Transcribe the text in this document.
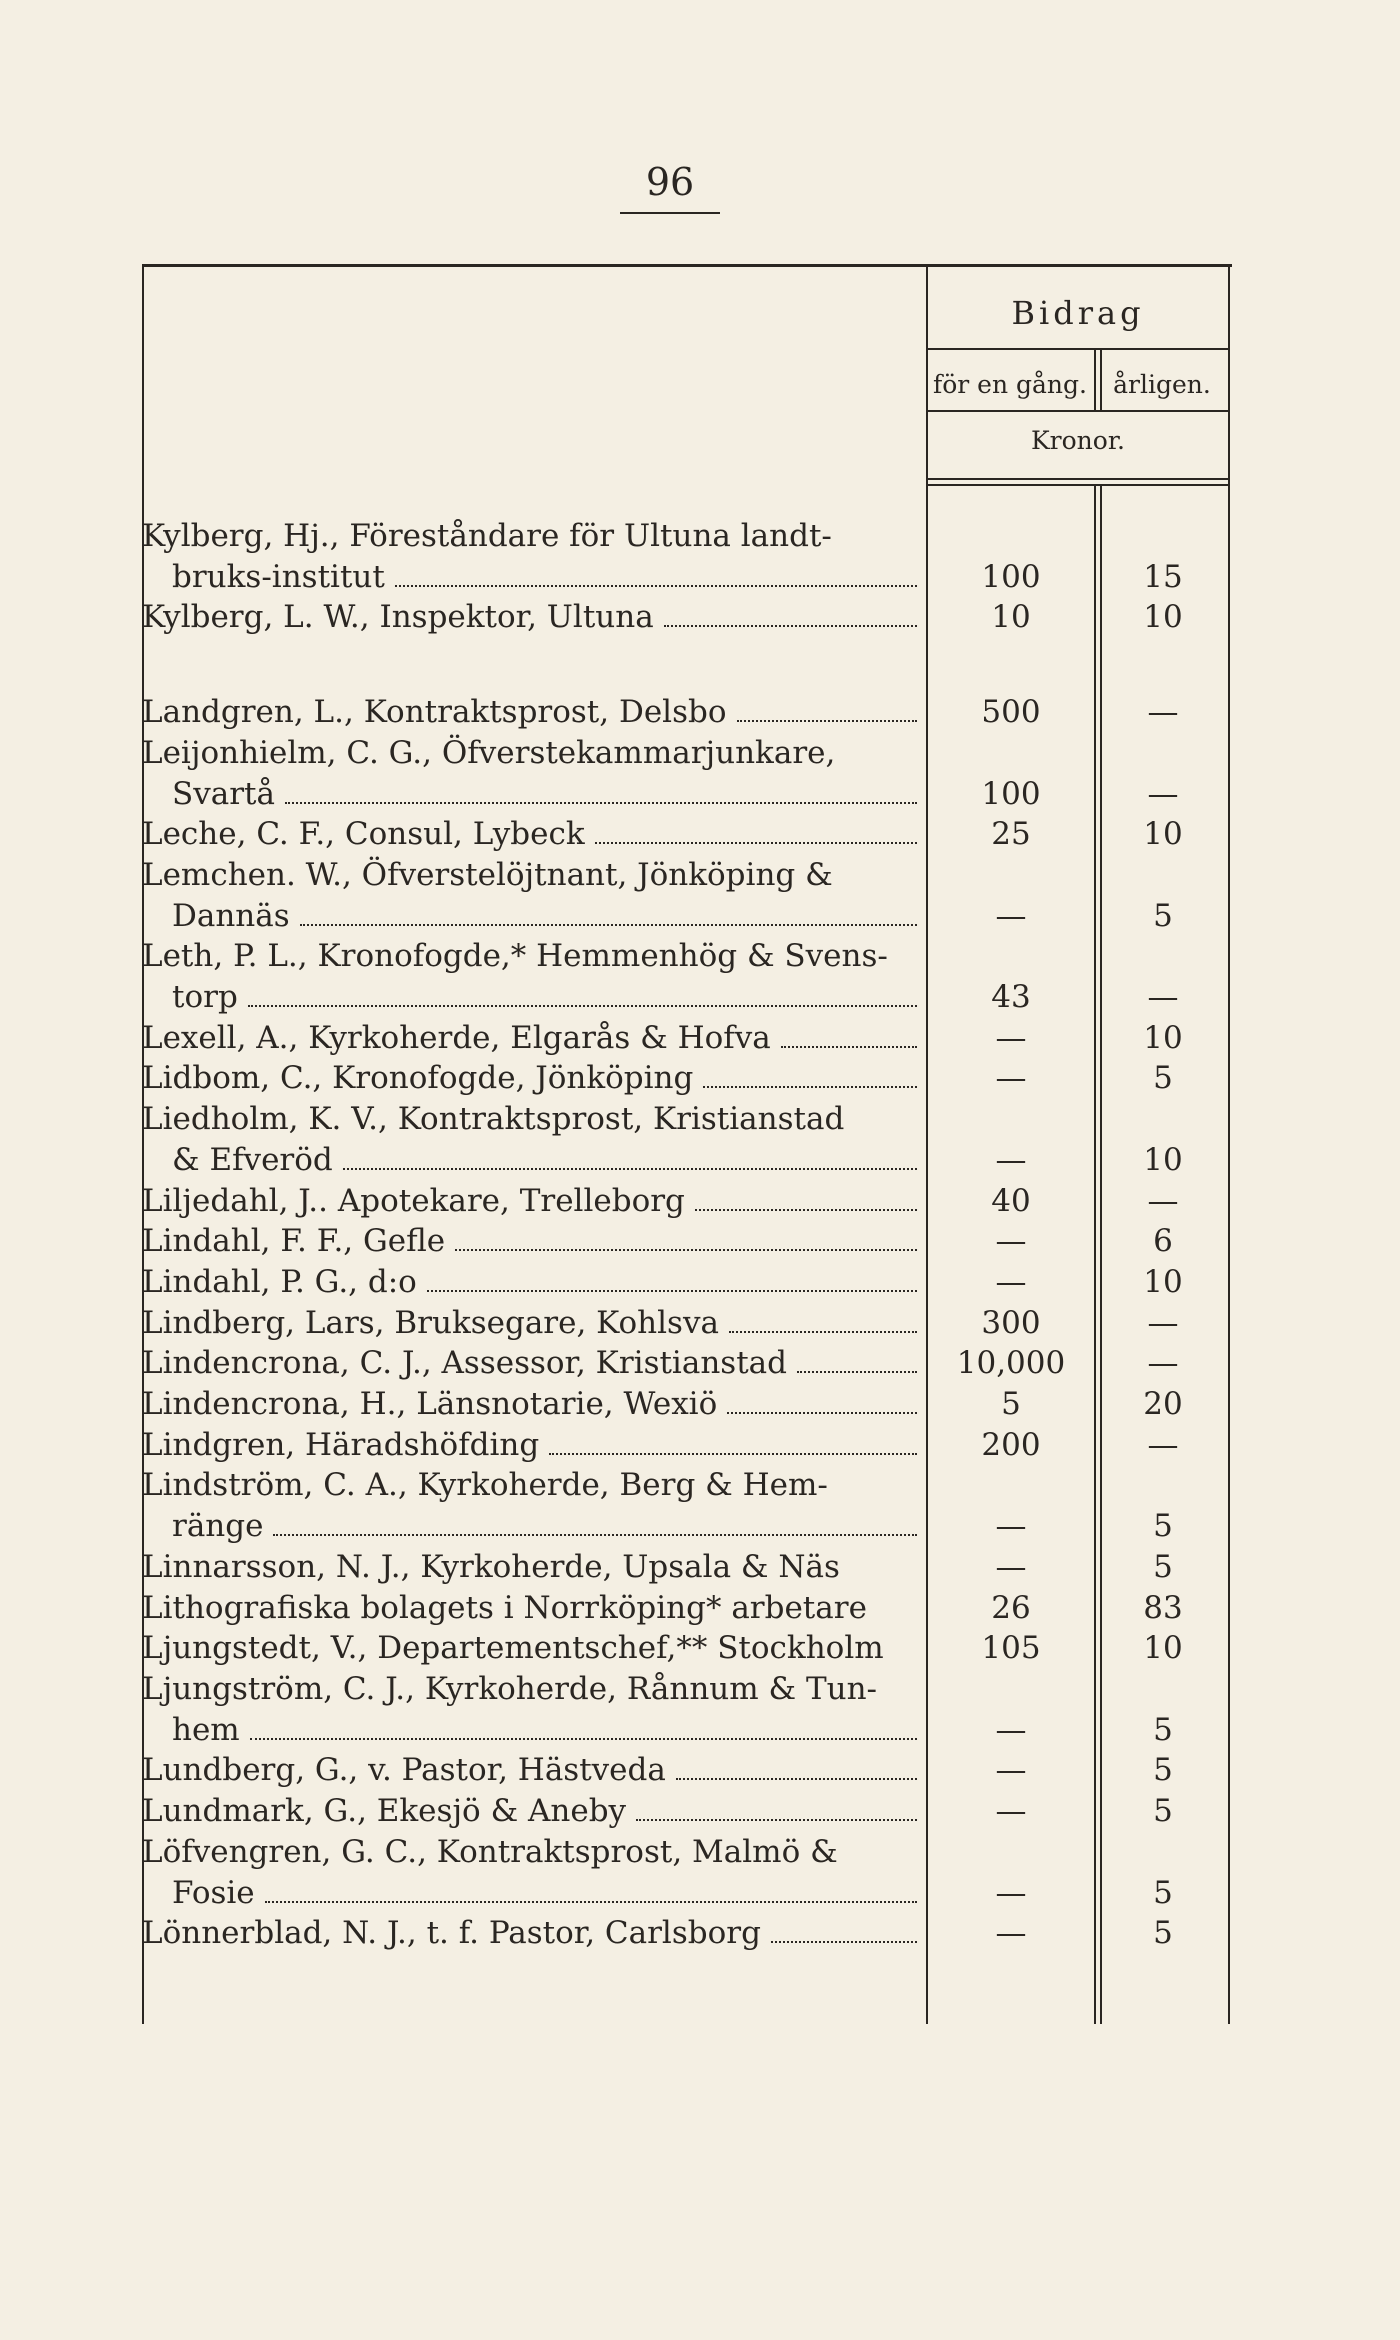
96
Bidrag
för en gång.	årligen.
Kronor.
Kylberg, Hj., Föreståndare för Ultuna landt-
bruks-institut	100	15
Kylberg, L. W., Inspektor, Ultuna	10	10
Landgren, L., Kontraktsprost, Delsbo	500	—
Leijonhielm, C. G., Öfverstekammarjunkare,
Svartå	100	—
Leche, C. F., Consul, Lybeck	25	10
Lemchen. W., Öfverstelöjtnant, Jönköping &
Dannäs	—	5
Leth, P. L., Kronofogde,* Hemmenhög & Svens-
torp	43	—
Lexell, A., Kyrkoherde, Elgarås & Hofva	—	10
Lidbom, C., Kronofogde, Jönköping	—	5
Liedholm, K. V., Kontraktsprost, Kristianstad
& Efveröd	—	10
Liljedahl, J.. Apotekare, Trelleborg	40	—
Lindahl, F. F., Gefle	—	6
Lindahl, P. G., d:o	—	10
Lindberg, Lars, Bruksegare, Kohlsva	300	—
Lindencrona, C. J., Assessor, Kristianstad	10,000	—
Lindencrona, H., Länsnotarie, Wexiö	5	20
Lindgren, Häradshöfding	200	—
Lindström, C. A., Kyrkoherde, Berg & Hem-
ränge	—	5
Linnarsson, N. J., Kyrkoherde, Upsala & Näs	—	5
Lithografiska bolagets i Norrköping* arbetare	26	83
Ljungstedt, V., Departementschef,** Stockholm	105	10
Ljungström, C. J., Kyrkoherde, Rånnum & Tun-
hem	—	5
Lundberg, G., v. Pastor, Hästveda	—	5
Lundmark, G., Ekesjö & Aneby	—	5
Löfvengren, G. C., Kontraktsprost, Malmö &
Fosie	—	5
Lönnerblad, N. J., t. f. Pastor, Carlsborg	—	5
